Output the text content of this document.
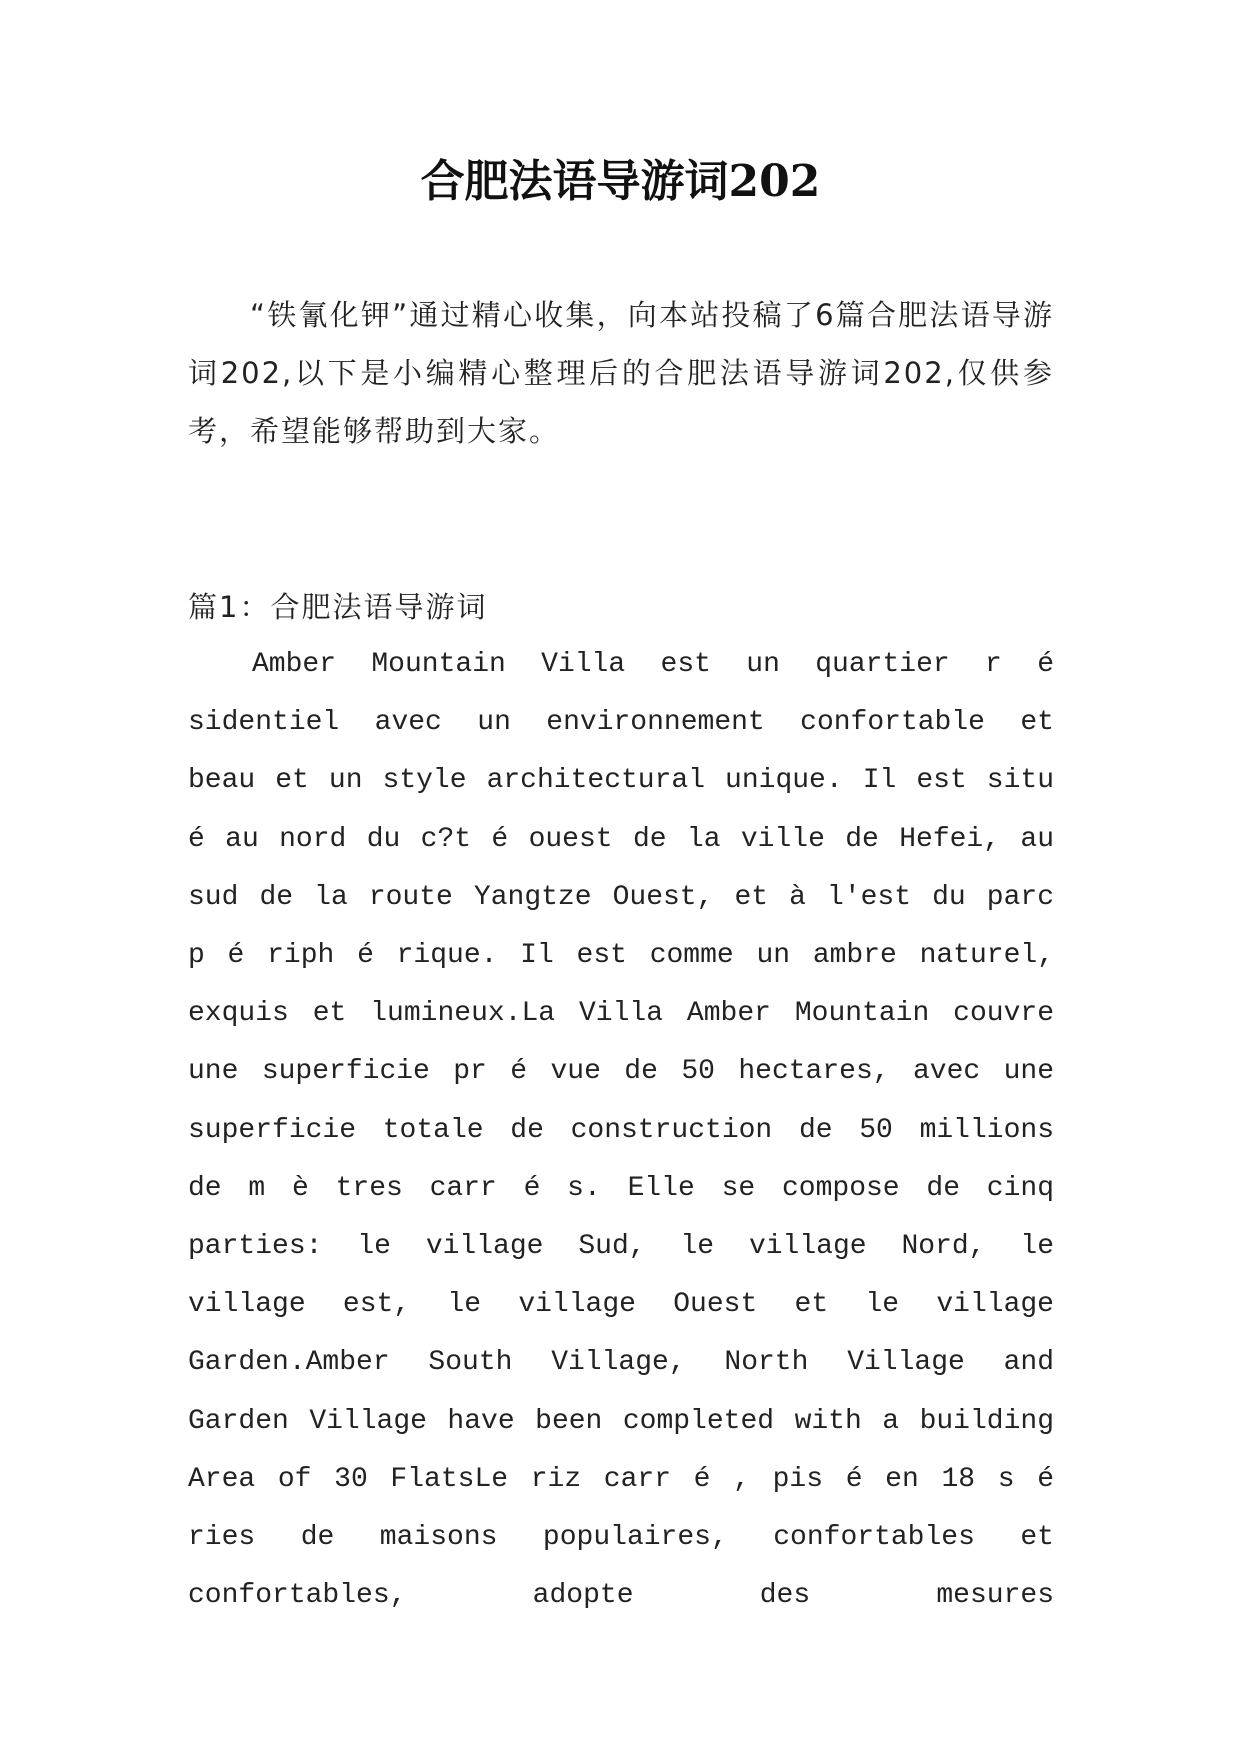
合肥法语导游词202

“铁氰化钾”通过精心收集，向本站投稿了6篇合肥法语导游词202,以下是小编精心整理后的合肥法语导游词202,仅供参考，希望能够帮助到大家。

篇1：合肥法语导游词

Amber Mountain Villa est un quartier r é sidentiel avec un environnement confortable et beau et un style architectural unique. Il est situ é au nord du c?t é ouest de la ville de Hefei, au sud de la route Yangtze Ouest, et à l'est du parc p é riph é rique. Il est comme un ambre naturel, exquis et lumineux.La Villa Amber Mountain couvre une superficie pr é vue de 50 hectares, avec une superficie totale de construction de 50 millions de m è tres carr é s. Elle se compose de cinq parties: le village Sud, le village Nord, le village est, le village Ouest et le village Garden.Amber South Village, North Village and Garden Village have been completed with a building Area of 30 FlatsLe riz carr é , pis é en 18 s é ries de maisons populaires, confortables et confortables, adopte des mesures
